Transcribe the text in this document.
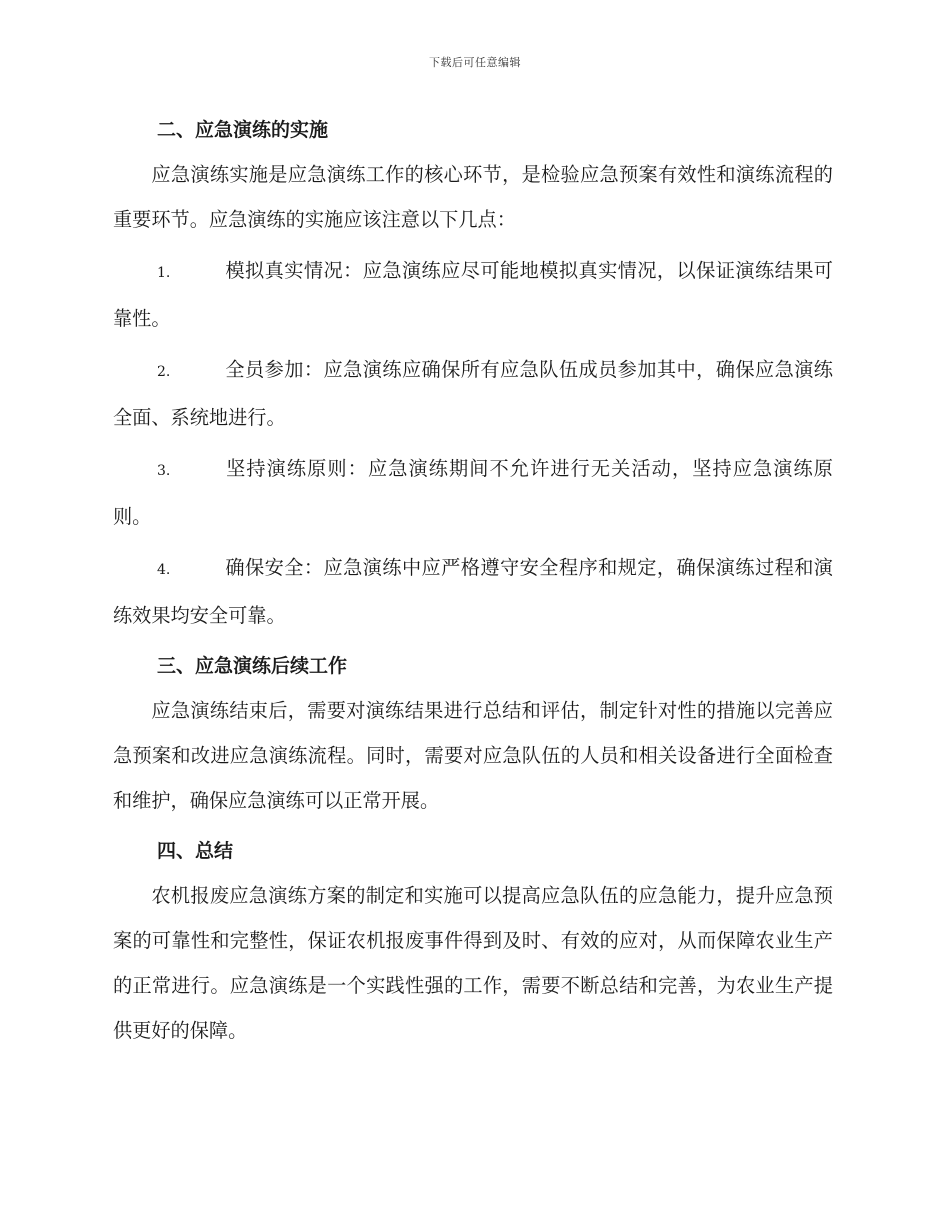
下载后可任意编辑
二、应急演练的实施

应急演练实施是应急演练工作的核心环节，是检验应急预案有效性和演练流程的重要环节。应急演练的实施应该注意以下几点：

1.	模拟真实情况：应急演练应尽可能地模拟真实情况，以保证演练结果可靠性。

2.	全员参加：应急演练应确保所有应急队伍成员参加其中，确保应急演练全面、系统地进行。

3.	坚持演练原则：应急演练期间不允许进行无关活动，坚持应急演练原则。

4.	确保安全：应急演练中应严格遵守安全程序和规定，确保演练过程和演练效果均安全可靠。

三、应急演练后续工作

应急演练结束后，需要对演练结果进行总结和评估，制定针对性的措施以完善应急预案和改进应急演练流程。同时，需要对应急队伍的人员和相关设备进行全面检查和维护，确保应急演练可以正常开展。

四、总结

农机报废应急演练方案的制定和实施可以提高应急队伍的应急能力，提升应急预案的可靠性和完整性，保证农机报废事件得到及时、有效的应对，从而保障农业生产的正常进行。应急演练是一个实践性强的工作，需要不断总结和完善，为农业生产提供更好的保障。
